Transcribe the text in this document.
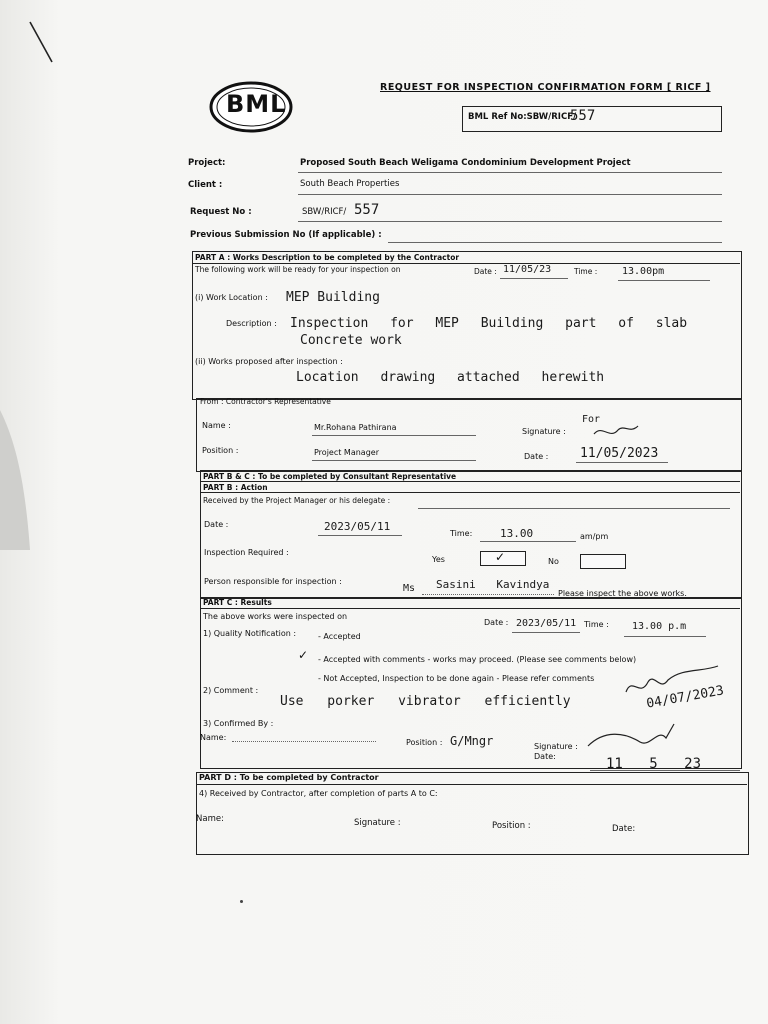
BML
REQUEST FOR INSPECTION CONFIRMATION FORM [ RICF ]
BML Ref No:SBW/RICF/
557
Project:	Proposed South Beach Weligama Condominium Development Project
Client :	South Beach Properties
Request No :	SBW/RICF/ 557
Previous Submission No (If applicable) :
PART A : Works Description to be completed by the Contractor
The following work will be ready for your inspection on	Date : 11/05/23	Time : 13.00pm
(i) Work Location : MEP Building
Description : Inspection for MEP Building part of slab
Concrete work
(ii) Works proposed after inspection :
Location drawing attached herewith
From : Contractor's Representative
Name :	Mr.Rohana Pathirana	Signature :
For
Position :	Project Manager	Date : 11/05/2023
PART B & C : To be completed by Consultant Representative
PART B : Action
Received by the Project Manager or his delegate :
Date :	2023/05/11
Time:	13.00	am/pm
Inspection Required :
Yes	✓	No
Person responsible for inspection :
Ms Sasini Kavindya
Please inspect the above works.
PART C : Results
The above works were inspected on
Date : 2023/05/11 Time : 13.00 p.m
1) Quality Notification :	- Accepted
✓ - Accepted with comments - works may proceed. (Please see comments below)
- Not Accepted, Inspection to be done again - Please refer comments
04/07/2023
2) Comment :
Use porker vibrator efficiently
3) Confirmed By :
Name:
Position : G/Mngr	Signature :
Date:	11 5 23
PART D : To be completed by Contractor
4) Received by Contractor, after completion of parts A to C:
Name:	Signature :	Position :	Date:
